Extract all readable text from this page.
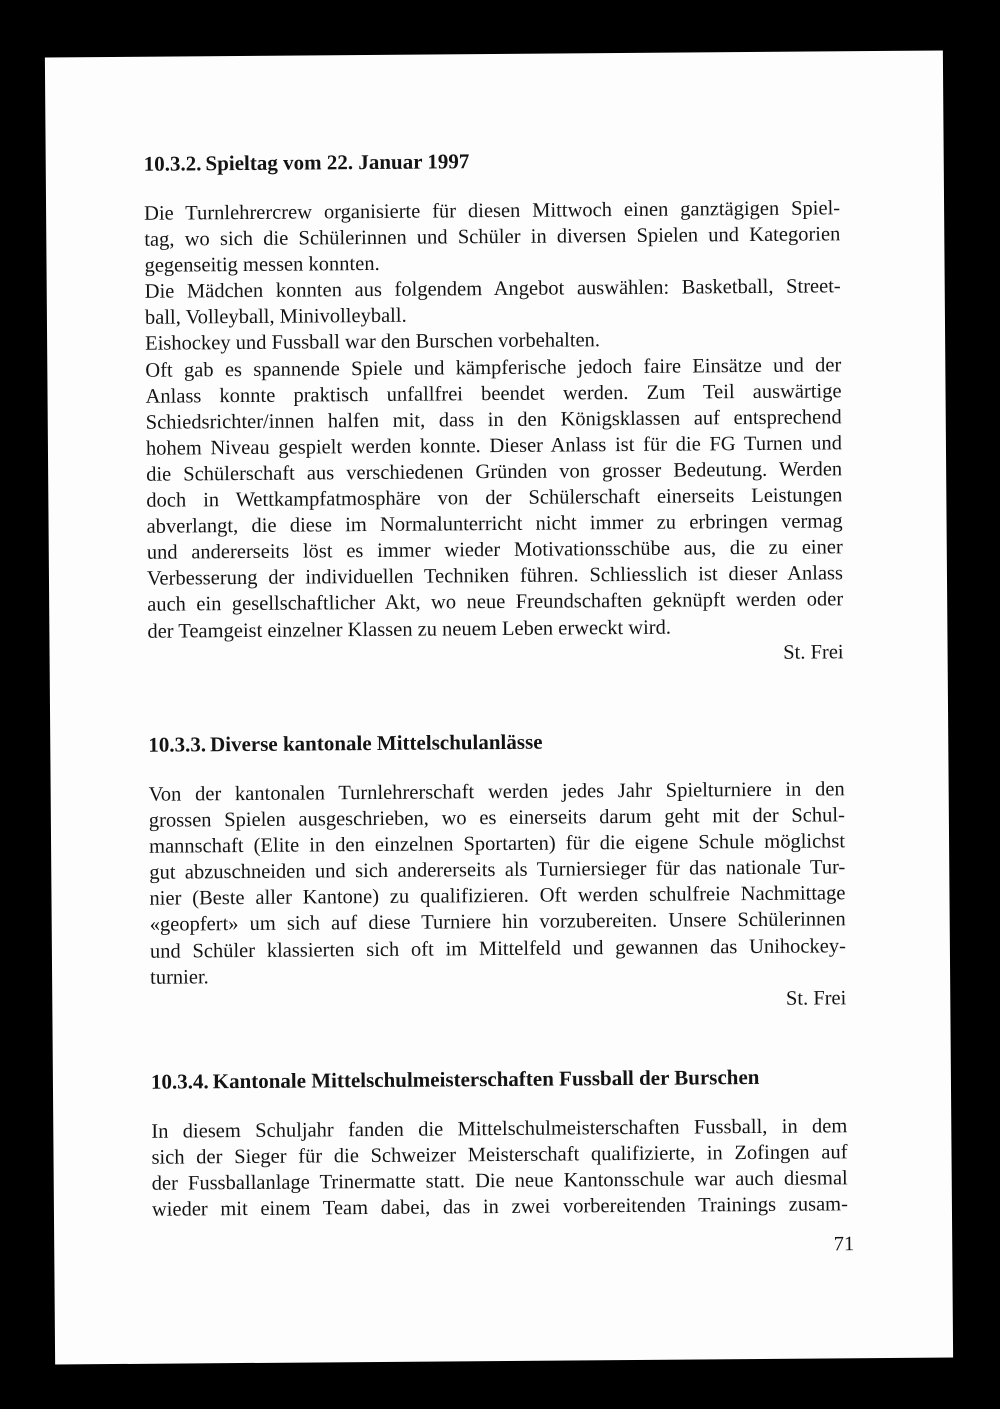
10.3.2. Spieltag vom 22. Januar 1997
Die Turnlehrercrew organisierte für diesen Mittwoch einen ganztägigen Spiel-
tag, wo sich die Schülerinnen und Schüler in diversen Spielen und Kategorien
gegenseitig messen konnten.
Die Mädchen konnten aus folgendem Angebot auswählen: Basketball, Street-
ball, Volleyball, Minivolleyball.
Eishockey und Fussball war den Burschen vorbehalten.
Oft gab es spannende Spiele und kämpferische jedoch faire Einsätze und der
Anlass konnte praktisch unfallfrei beendet werden. Zum Teil auswärtige
Schiedsrichter/innen halfen mit, dass in den Königsklassen auf entsprechend
hohem Niveau gespielt werden konnte. Dieser Anlass ist für die FG Turnen und
die Schülerschaft aus verschiedenen Gründen von grosser Bedeutung. Werden
doch in Wettkampfatmosphäre von der Schülerschaft einerseits Leistungen
abverlangt, die diese im Normalunterricht nicht immer zu erbringen vermag
und andererseits löst es immer wieder Motivationsschübe aus, die zu einer
Verbesserung der individuellen Techniken führen. Schliesslich ist dieser Anlass
auch ein gesellschaftlicher Akt, wo neue Freundschaften geknüpft werden oder
der Teamgeist einzelner Klassen zu neuem Leben erweckt wird.
St. Frei
10.3.3. Diverse kantonale Mittelschulanlässe
Von der kantonalen Turnlehrerschaft werden jedes Jahr Spielturniere in den
grossen Spielen ausgeschrieben, wo es einerseits darum geht mit der Schul-
mannschaft (Elite in den einzelnen Sportarten) für die eigene Schule möglichst
gut abzuschneiden und sich andererseits als Turniersieger für das nationale Tur-
nier (Beste aller Kantone) zu qualifizieren. Oft werden schulfreie Nachmittage
«geopfert» um sich auf diese Turniere hin vorzubereiten. Unsere Schülerinnen
und Schüler klassierten sich oft im Mittelfeld und gewannen das Unihockey-
turnier.
St. Frei
10.3.4. Kantonale Mittelschulmeisterschaften Fussball der Burschen
In diesem Schuljahr fanden die Mittelschulmeisterschaften Fussball, in dem
sich der Sieger für die Schweizer Meisterschaft qualifizierte, in Zofingen auf
der Fussballanlage Trinermatte statt. Die neue Kantonsschule war auch diesmal
wieder mit einem Team dabei, das in zwei vorbereitenden Trainings zusam-
71
